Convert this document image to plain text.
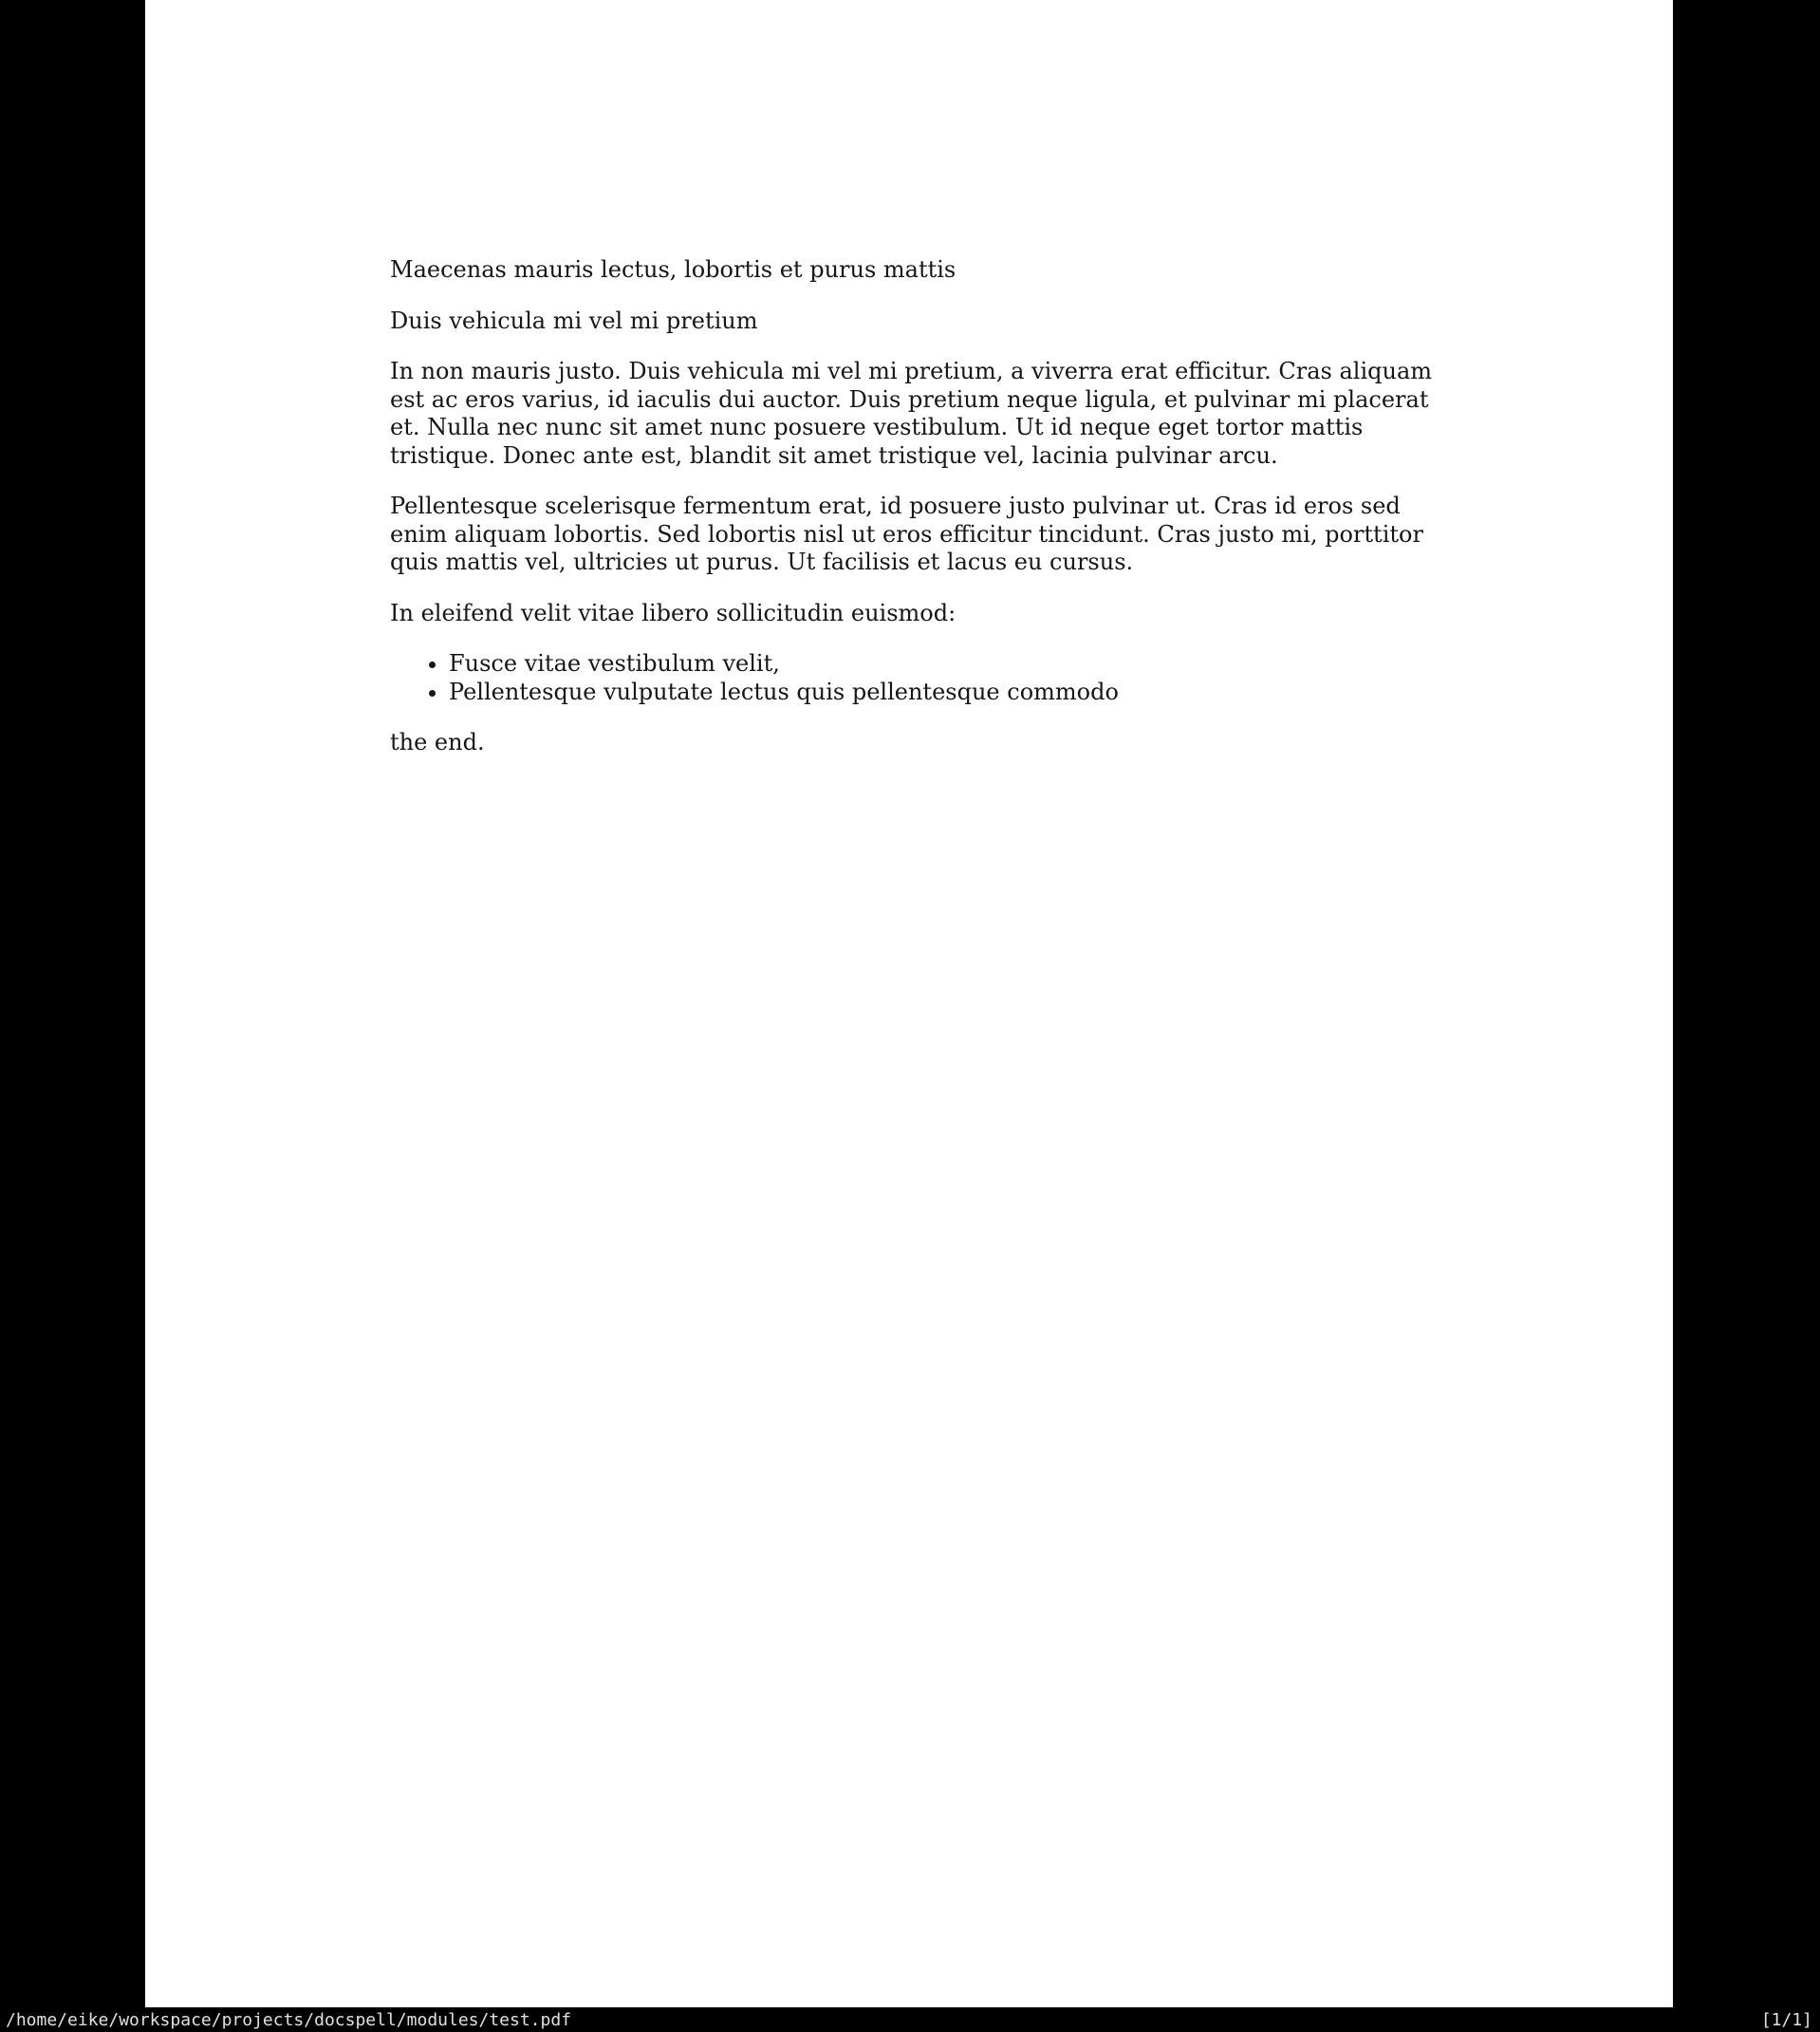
Maecenas mauris lectus, lobortis et purus mattis

Duis vehicula mi vel mi pretium

In non mauris justo. Duis vehicula mi vel mi pretium, a viverra erat efficitur. Cras aliquam est ac eros varius, id iaculis dui auctor. Duis pretium neque ligula, et pulvinar mi placerat et. Nulla nec nunc sit amet nunc posuere vestibulum. Ut id neque eget tortor mattis tristique. Donec ante est, blandit sit amet tristique vel, lacinia pulvinar arcu.

Pellentesque scelerisque fermentum erat, id posuere justo pulvinar ut. Cras id eros sed enim aliquam lobortis. Sed lobortis nisl ut eros efficitur tincidunt. Cras justo mi, porttitor quis mattis vel, ultricies ut purus. Ut facilisis et lacus eu cursus.

In eleifend velit vitae libero sollicitudin euismod:

• Fusce vitae vestibulum velit,
• Pellentesque vulputate lectus quis pellentesque commodo

the end.

/home/eike/workspace/projects/docspell/modules/test.pdf	[1/1]
